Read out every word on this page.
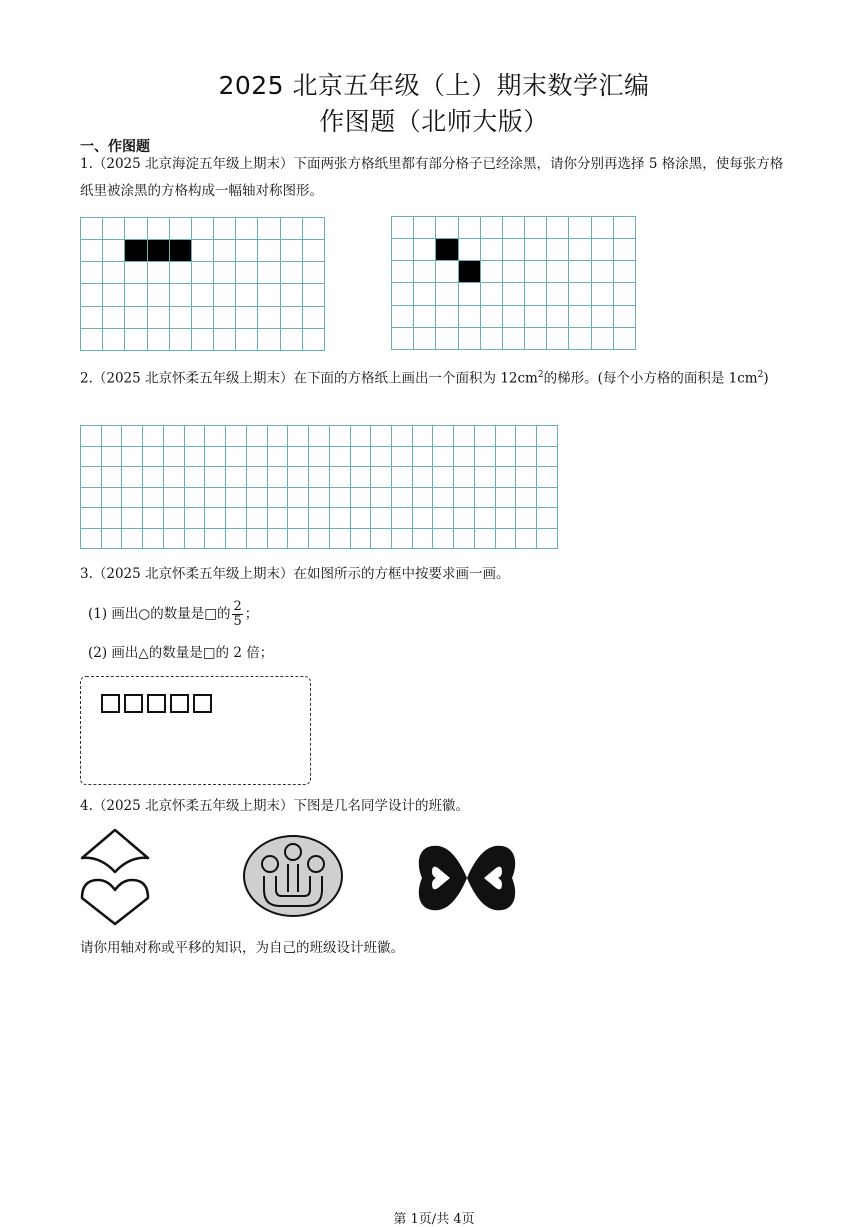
2025 北京五年级（上）期末数学汇编
作图题（北师大版）
一、作图题
1.（2025 北京海淀五年级上期末）下面两张方格纸里都有部分格子已经涂黑，请你分别再选择 5 格涂黑，使每张方格纸里被涂黑的方格构成一幅轴对称图形。

2.（2025 北京怀柔五年级上期末）在下面的方格纸上画出一个面积为 $12cm^2$的梯形。(每个小方格的面积是 $1cm^2$)

3.（2025 北京怀柔五年级上期末）在如图所示的方框中按要求画一画。
(1) 画出○的数量是□的 $\frac{2}{5}$ ；
(2) 画出△的数量是□的 2 倍；
4.（2025 北京怀柔五年级上期末）下图是几名同学设计的班徽。
请你用轴对称或平移的知识，为自己的班级设计班徽。
第 1页/共 4页
